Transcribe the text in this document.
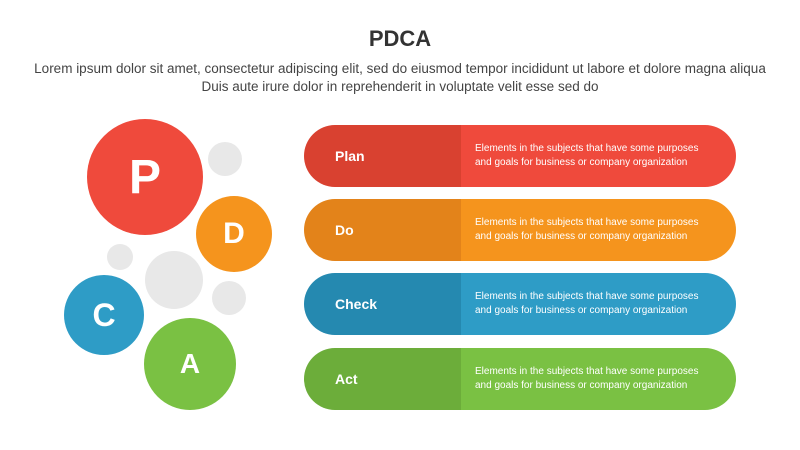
PDCA
Lorem ipsum dolor sit amet, consectetur adipiscing elit, sed do eiusmod tempor incididunt ut labore et dolore magna aliqua Duis aute irure dolor in reprehenderit in voluptate velit esse sed do
P
D
C
A
Plan	Elements in the subjects that have some purposes and goals for business or company organization
Do	Elements in the subjects that have some purposes and goals for business or company organization
Check	Elements in the subjects that have some purposes and goals for business or company organization
Act	Elements in the subjects that have some purposes and goals for business or company organization
